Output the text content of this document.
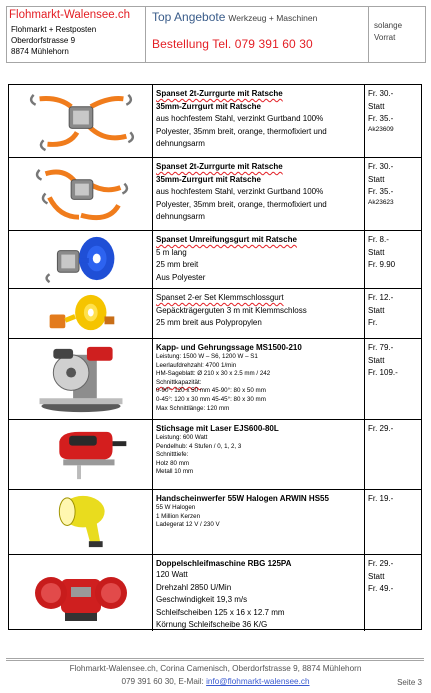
Flohmarkt-Walensee.ch
Flohmarkt + Restposten
Oberdorfstrasse 9
8874 Mühlehorn
Top Angebote Werkzeug + Maschinen
Bestellung Tel. 079 391 60 30
solange
Vorrat
Spanset 2t-Zurrgurte mit Ratsche
35mm-Zurrgurt mit Ratsche
aus hochfestem Stahl, verzinkt Gurtband 100%
Polyester, 35mm breit, orange, thermofixiert und
dehnungsarm
Fr. 30.-
Statt
Fr. 35.-
Ak23609
Spanset 2t-Zurrgurte mit Ratsche
35mm-Zurrgurt mit Ratsche
aus hochfestem Stahl, verzinkt Gurtband 100%
Polyester, 35mm breit, orange, thermofixiert und
dehnungsarm
Fr. 30.-
Statt
Fr. 35.-
Ak23623
Spanset Umreifungsgurt mit Ratsche
5 m lang
25 mm breit
Aus Polyester
Fr. 8.-
Statt
Fr. 9.90
Spanset 2-er Set Klemmschlossgurt
Gepäckträgerguten 3 m mit Klemmschloss
25 mm breit aus Polypropylen
Fr. 12.-
Statt
Fr.
Kapp- und Gehrungssage MS1500-210
Leistung: 1500 W – S6, 1200 W – S1
Leerlaufdrehzahl: 4700 1/min
HM-Sageblatt: Ø 210 x 30 x 2.5 mm / 242
Schnittkapazität:
0-90°: 120 x 50 mm 45-90°: 80 x 50 mm
0-45°: 120 x 30 mm 45-45°: 80 x 30 mm
Max Schnittlänge: 120 mm
Fr. 79.-
Statt
Fr. 109.-
Stichsage mit Laser EJS600-80L
Leistung: 600 Watt
Pendelhub: 4 Stufen / 0, 1, 2, 3
Schnitttiefe:
Holz 80 mm
Metall 10 mm
Fr. 29.-
Handscheinwerfer 55W Halogen ARWIN HS55
55 W Halogen
1 Million Kerzen
Ladegerat 12 V / 230 V
Fr. 19.-
Doppelschleifmaschine RBG 125PA
120 Watt
Drehzahl 2850 U/Min
Geschwindigkeit 19,3 m/s
Schleifscheiben 125 x 16 x 12.7 mm
Körnung Schleifscheibe 36 K/G
Fr. 29.-
Statt
Fr. 49.-
Flohmarkt-Walensee.ch, Corina Camenisch, Oberdorfstrasse 9, 8874 Mühlehorn
079 391 60 30, E-Mail: info@flohmarkt-walensee.ch	Seite 3
